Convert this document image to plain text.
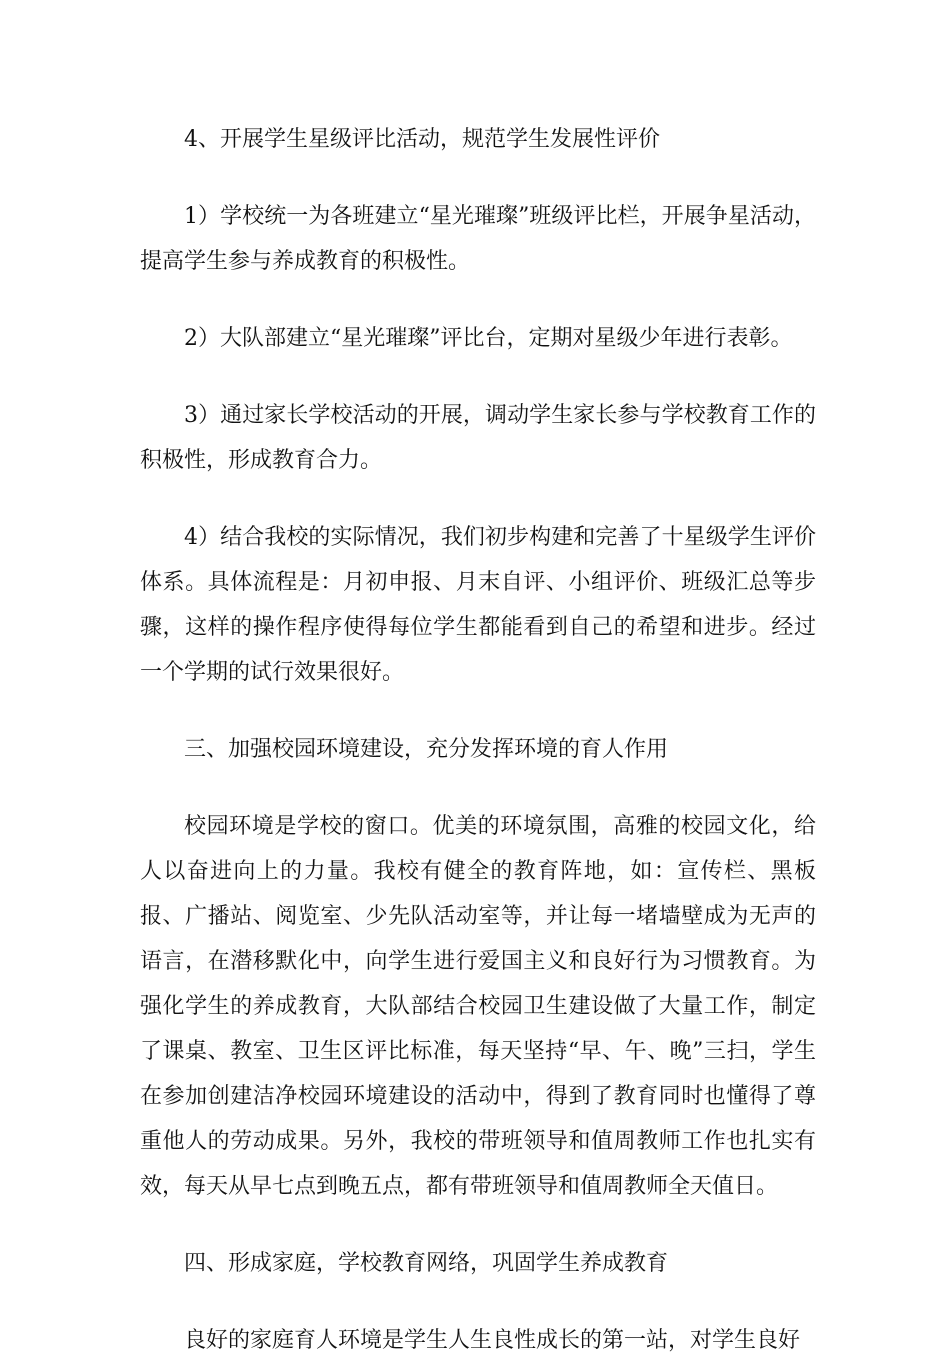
4、开展学生星级评比活动，规范学生发展性评价

1）学校统一为各班建立“星光璀璨”班级评比栏，开展争星活动，提高学生参与养成教育的积极性。

2）大队部建立“星光璀璨”评比台，定期对星级少年进行表彰。

3）通过家长学校活动的开展，调动学生家长参与学校教育工作的积极性，形成教育合力。

4）结合我校的实际情况，我们初步构建和完善了十星级学生评价体系。具体流程是：月初申报、月末自评、小组评价、班级汇总等步骤，这样的操作程序使得每位学生都能看到自己的希望和进步。经过一个学期的试行效果很好。

三、加强校园环境建设，充分发挥环境的育人作用

校园环境是学校的窗口。优美的环境氛围，高雅的校园文化，给人以奋进向上的力量。我校有健全的教育阵地，如：宣传栏、黑板报、广播站、阅览室、少先队活动室等，并让每一堵墙壁成为无声的语言，在潜移默化中，向学生进行爱国主义和良好行为习惯教育。为强化学生的养成教育，大队部结合校园卫生建设做了大量工作，制定了课桌、教室、卫生区评比标准，每天坚持“早、午、晚”三扫，学生在参加创建洁净校园环境建设的活动中，得到了教育同时也懂得了尊重他人的劳动成果。另外，我校的带班领导和值周教师工作也扎实有效，每天从早七点到晚五点，都有带班领导和值周教师全天值日。

四、形成家庭，学校教育网络，巩固学生养成教育

良好的家庭育人环境是学生人生良性成长的第一站，对学生良好
